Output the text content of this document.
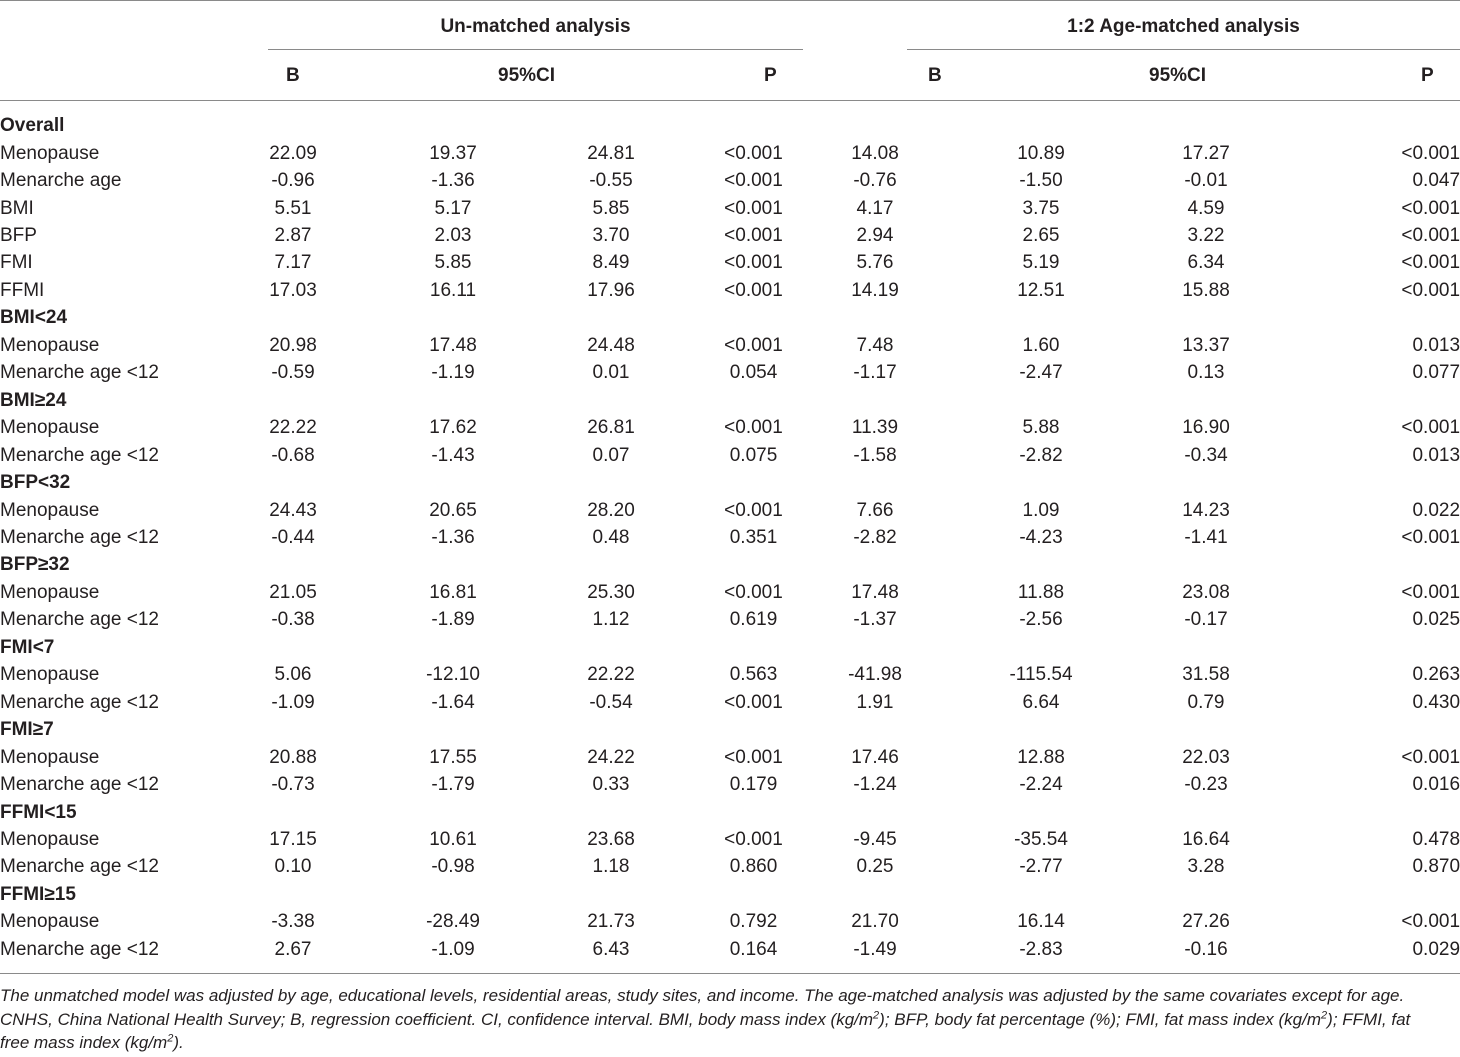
Un-matched analysis	1:2 Age-matched analysis
B	95%CI	P	B	95%CI	P
Overall								
Menopause	22.09	19.37	24.81	<0.001	14.08	10.89	17.27	<0.001
Menarche age	-0.96	-1.36	-0.55	<0.001	-0.76	-1.50	-0.01	0.047
BMI	5.51	5.17	5.85	<0.001	4.17	3.75	4.59	<0.001
BFP	2.87	2.03	3.70	<0.001	2.94	2.65	3.22	<0.001
FMI	7.17	5.85	8.49	<0.001	5.76	5.19	6.34	<0.001
FFMI	17.03	16.11	17.96	<0.001	14.19	12.51	15.88	<0.001
BMI<24								
Menopause	20.98	17.48	24.48	<0.001	7.48	1.60	13.37	0.013
Menarche age <12	-0.59	-1.19	0.01	0.054	-1.17	-2.47	0.13	0.077
BMI≥24								
Menopause	22.22	17.62	26.81	<0.001	11.39	5.88	16.90	<0.001
Menarche age <12	-0.68	-1.43	0.07	0.075	-1.58	-2.82	-0.34	0.013
BFP<32								
Menopause	24.43	20.65	28.20	<0.001	7.66	1.09	14.23	0.022
Menarche age <12	-0.44	-1.36	0.48	0.351	-2.82	-4.23	-1.41	<0.001
BFP≥32								
Menopause	21.05	16.81	25.30	<0.001	17.48	11.88	23.08	<0.001
Menarche age <12	-0.38	-1.89	1.12	0.619	-1.37	-2.56	-0.17	0.025
FMI<7								
Menopause	5.06	-12.10	22.22	0.563	-41.98	-115.54	31.58	0.263
Menarche age <12	-1.09	-1.64	-0.54	<0.001	1.91	6.64	0.79	0.430
FMI≥7								
Menopause	20.88	17.55	24.22	<0.001	17.46	12.88	22.03	<0.001
Menarche age <12	-0.73	-1.79	0.33	0.179	-1.24	-2.24	-0.23	0.016
FFMI<15								
Menopause	17.15	10.61	23.68	<0.001	-9.45	-35.54	16.64	0.478
Menarche age <12	0.10	-0.98	1.18	0.860	0.25	-2.77	3.28	0.870
FFMI≥15								
Menopause	-3.38	-28.49	21.73	0.792	21.70	16.14	27.26	<0.001
Menarche age <12	2.67	-1.09	6.43	0.164	-1.49	-2.83	-0.16	0.029
The unmatched model was adjusted by age, educational levels, residential areas, study sites, and income. The age-matched analysis was adjusted by the same covariates except for age.
CNHS, China National Health Survey; B, regression coefficient. CI, confidence interval. BMI, body mass index $(kg/m^2)$; BFP, body fat percentage (%); FMI, fat mass index $(kg/m^2)$; FFMI, fat
free mass index $(kg/m^2)$.
